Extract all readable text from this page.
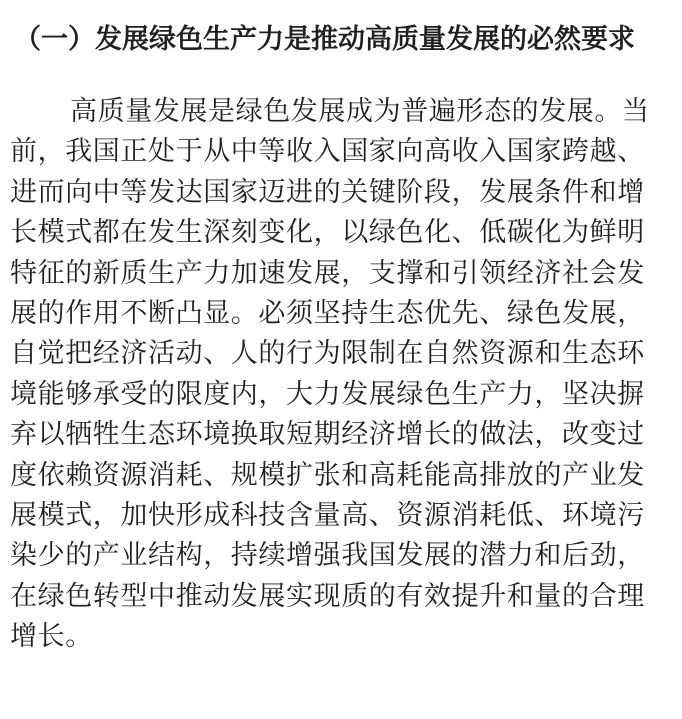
（一）发展绿色生产力是推动高质量发展的必然要求
高质量发展是绿色发展成为普遍形态的发展。当
前，我国正处于从中等收入国家向高收入国家跨越、
进而向中等发达国家迈进的关键阶段，发展条件和增
长模式都在发生深刻变化，以绿色化、低碳化为鲜明
特征的新质生产力加速发展，支撑和引领经济社会发
展的作用不断凸显。必须坚持生态优先、绿色发展，
自觉把经济活动、人的行为限制在自然资源和生态环
境能够承受的限度内，大力发展绿色生产力，坚决摒
弃以牺牲生态环境换取短期经济增长的做法，改变过
度依赖资源消耗、规模扩张和高耗能高排放的产业发
展模式，加快形成科技含量高、资源消耗低、环境污
染少的产业结构，持续增强我国发展的潜力和后劲，
在绿色转型中推动发展实现质的有效提升和量的合理
增长。
